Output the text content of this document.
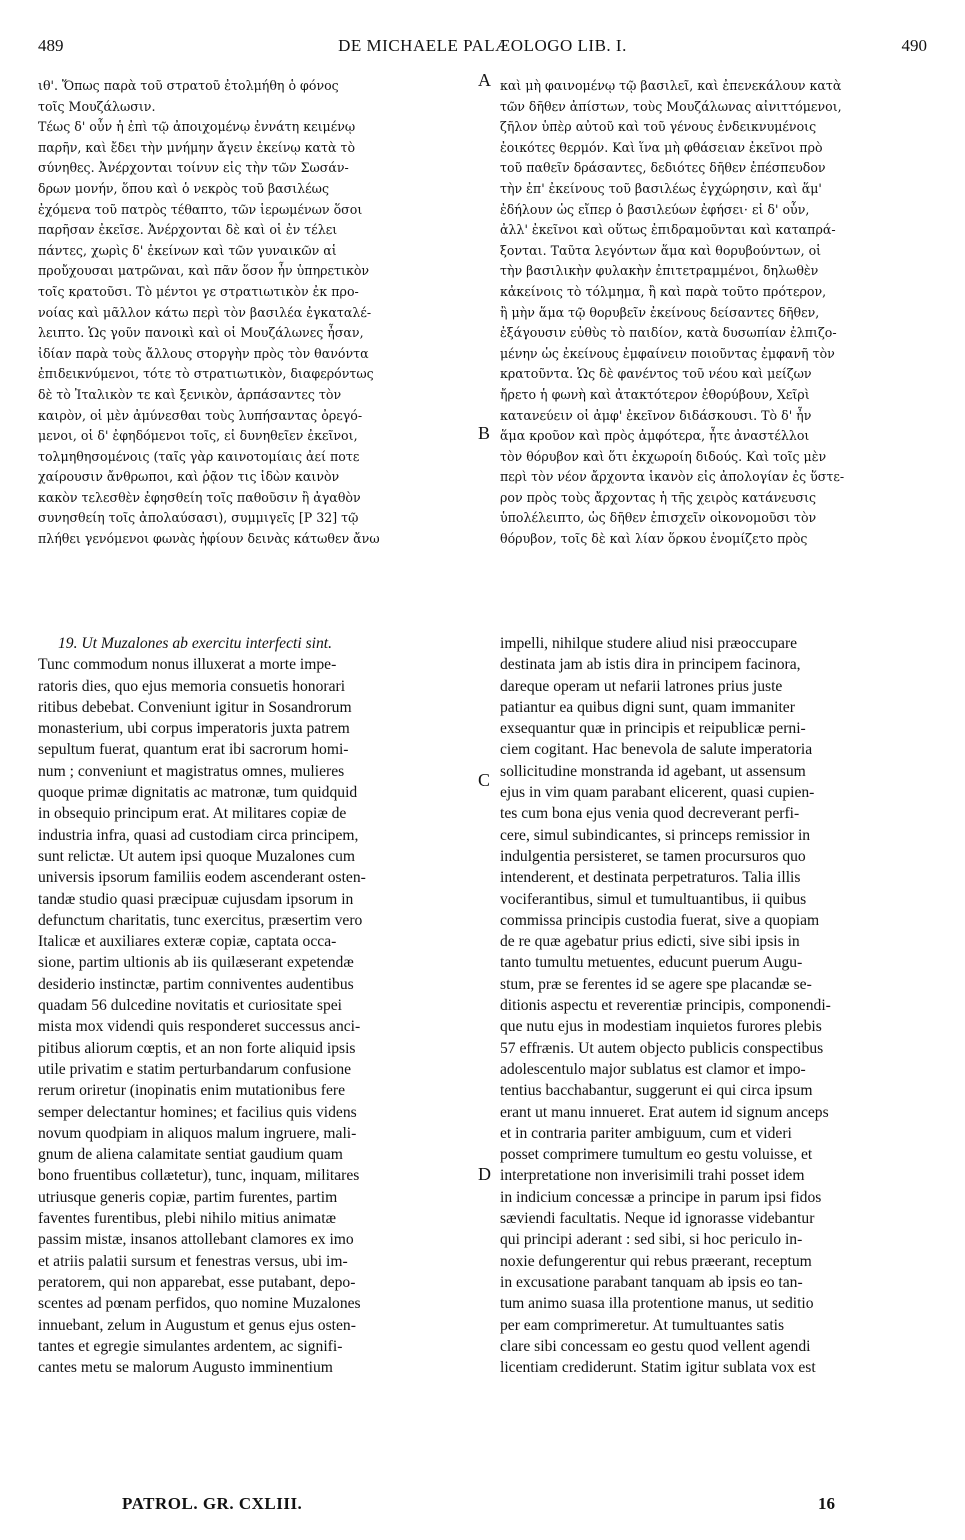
489	DE MICHAELE PALÆOLOGO LIB. I.	490
ιθ'. Ὅπως παρὰ τοῦ στρατοῦ ἐτολμήθη ὁ φόνος
τοῖς Μουζάλωσιν.
Τέως δ' οὖν ἡ ἐπὶ τῷ ἀποιχομένῳ ἐννάτη κειμένῳ
παρῆν, καὶ ἔδει τὴν μνήμην ἄγειν ἐκείνῳ κατὰ τὸ
σύνηθες. Ἀνέρχονται τοίνυν εἰς τὴν τῶν Σωσάν-
δρων μονήν, ὅπου καὶ ὁ νεκρὸς τοῦ βασιλέως
ἐχόμενα τοῦ πατρὸς τέθαπτο, τῶν ἱερωμένων ὅσοι
παρῆσαν ἐκεῖσε. Ἀνέρχονται δὲ καὶ οἱ ἐν τέλει
πάντες, χωρὶς δ' ἐκείνων καὶ τῶν γυναικῶν αἱ
προὔχουσαι ματρῶναι, καὶ πᾶν ὅσον ἦν ὑπηρετικὸν
τοῖς κρατοῦσι. Τὸ μέντοι γε στρατιωτικὸν ἐκ προ-
νοίας καὶ μᾶλλον κάτω περὶ τὸν βασιλέα ἐγκαταλέ-
λειπτο. Ὡς γοῦν πανοικὶ καὶ οἱ Μουζάλωνες ἦσαν,
ἰδίαν παρὰ τοὺς ἄλλους στοργὴν πρὸς τὸν θανόντα
ἐπιδεικνύμενοι, τότε τὸ στρατιωτικὸν, διαφερόντως
δὲ τὸ Ἰταλικὸν τε καὶ ξενικὸν, ἁρπάσαντες τὸν
καιρὸν, οἱ μὲν ἀμύνεσθαι τοὺς λυπήσαντας ὀρεγό-
μενοι, οἱ δ' ἐφηδόμενοι τοῖς, εἰ δυνηθεῖεν ἐκεῖνοι,
τολμηθησομένοις (ταῖς γὰρ καινοτομίαις ἀεί ποτε
χαίρουσιν ἄνθρωποι, καὶ ῥᾷον τις ἰδὼν καινὸν
κακὸν τελεσθὲν ἐφησθείη τοῖς παθοῦσιν ἢ ἀγαθὸν
συνησθείη τοῖς ἀπολαύσασι), συμμιγεῖς [P 32] τῷ
πλήθει γενόμενοι φωνὰς ἠφίουν δεινὰς κάτωθεν ἄνω
καὶ μὴ φαινομένῳ τῷ βασιλεῖ, καὶ ἐπενεκάλουν κατὰ
τῶν δῆθεν ἀπίστων, τοὺς Μουζάλωνας αἰνιττόμενοι,
ζῆλον ὑπὲρ αὐτοῦ καὶ τοῦ γένους ἐνδεικνυμένοις
ἐοικότες θερμόν. Καὶ ἵνα μὴ φθάσειαν ἐκεῖνοι πρὸ
τοῦ παθεῖν δράσαντες, δεδιότες δῆθεν ἐπέσπευδον
τὴν ἐπ' ἐκείνους τοῦ βασιλέως ἐγχώρησιν, καὶ ἅμ'
ἐδήλουν ὡς εἴπερ ὁ βασιλεύων ἐφήσει· εἰ δ' οὖν,
ἀλλ' ἐκεῖνοι καὶ οὕτως ἐπιδραμοῦνται καὶ καταπρά-
ξονται. Ταῦτα λεγόντων ἅμα καὶ θορυβούντων, οἱ
τὴν βασιλικὴν φυλακὴν ἐπιτετραμμένοι, δηλωθὲν
κἀκείνοις τὸ τόλμημα, ἢ καὶ παρὰ τοῦτο πρότερον,
ἢ μὴν ἅμα τῷ θορυβεῖν ἐκείνους δείσαντες δῆθεν,
ἐξάγουσιν εὐθὺς τὸ παιδίον, κατὰ δυσωπίαν ἐλπιζο-
μένην ὡς ἐκείνους ἐμφαίνειν ποιοῦντας ἐμφανῆ τὸν
κρατοῦντα. Ὡς δὲ φανέντος τοῦ νέου καὶ μείζων
ἤρετο ἡ φωνὴ καὶ ἀτακτότερον ἐθορύβουν, Χεῖρὶ
κατανεύειν οἱ ἀμφ' ἐκεῖνον διδάσκουσι. Τὸ δ' ἦν
ἅμα κροῦον καὶ πρὸς ἀμφότερα, ἦτε ἀναστέλλοι
τὸν θόρυβον καὶ ὅτι ἐκχωροίη διδούς. Καὶ τοῖς μὲν
περὶ τὸν νέον ἄρχοντα ἱκανὸν εἰς ἀπολογίαν ἐς ὕστε-
ρον πρὸς τοὺς ἄρχοντας ἡ τῆς χειρὸς κατάνευσις
ὑπολέλειπτο, ὡς δῆθεν ἐπισχεῖν οἰκονομοῦσι τὸν
θόρυβον, τοῖς δὲ καὶ λίαν ὅρκου ἐνομίζετο πρὸς
19. Ut Muzalones ab exercitu interfecti sint.
Tunc commodum nonus illuxerat a morte impe-
ratoris dies, quo ejus memoria consuetis honorari
ritibus debebat. Conveniunt igitur in Sosandrorum
monasterium, ubi corpus imperatoris juxta patrem
sepultum fuerat, quantum erat ibi sacrorum homi-
num ; conveniunt et magistratus omnes, mulieres
quoque primæ dignitatis ac matronæ, tum quidquid
in obsequio principum erat. At militares copiæ de
industria infra, quasi ad custodiam circa principem,
sunt relictæ. Ut autem ipsi quoque Muzalones cum
universis ipsorum familiis eodem ascenderant osten-
tandæ studio quasi præcipuæ cujusdam ipsorum in
defunctum charitatis, tunc exercitus, præsertim vero
Italicæ et auxiliares exteræ copiæ, captata occa-
sione, partim ultionis ab iis quilæserant expetendæ
desiderio instinctæ, partim conniventes audentibus
quadam 56 dulcedine novitatis et curiositate spei
mista mox videndi quis responderet successus anci-
pitibus aliorum cœptis, et an non forte aliquid ipsis
utile privatim e statim perturbandarum confusione
rerum oriretur (inopinatis enim mutationibus fere
semper delectantur homines; et facilius quis videns
novum quodpiam in aliquos malum ingruere, mali-
gnum de aliena calamitate sentiat gaudium quam
bono fruentibus collætetur), tunc, inquam, militares
utriusque generis copiæ, partim furentes, partim
faventes furentibus, plebi nihilo mitius animatæ
passim mistæ, insanos attollebant clamores ex imo
et atriis palatii sursum et fenestras versus, ubi im-
peratorem, qui non apparebat, esse putabant, depo-
scentes ad pœnam perfidos, quo nomine Muzalones
innuebant, zelum in Augustum et genus ejus osten-
tantes et egregie simulantes ardentem, ac signifi-
cantes metu se malorum Augusto imminentium
impelli, nihilque studere aliud nisi præoccupare
destinata jam ab istis dira in principem facinora,
dareque operam ut nefarii latrones prius juste
patiantur ea quibus digni sunt, quam immaniter
exsequantur quæ in principis et reipublicæ perni-
ciem cogitant. Hac benevola de salute imperatoria
sollicitudine monstranda id agebant, ut assensum
ejus in vim quam parabant elicerent, quasi cupien-
tes cum bona ejus venia quod decreverant perfi-
cere, simul subindicantes, si princeps remissior in
indulgentia persisteret, se tamen procursuros quo
intenderent, et destinata perpetraturos. Talia illis
vociferantibus, simul et tumultuantibus, ii quibus
commissa principis custodia fuerat, sive a quopiam
de re quæ agebatur prius edicti, sive sibi ipsis in
tanto tumultu metuentes, educunt puerum Augu-
stum, præ se ferentes id se agere spe placandæ se-
ditionis aspectu et reverentiæ principis, componendi-
que nutu ejus in modestiam inquietos furores plebis
57 effrænis. Ut autem objecto publicis conspectibus
adolescentulo major sublatus est clamor et impo-
tentius bacchabantur, suggerunt ei qui circa ipsum
erant ut manu innueret. Erat autem id signum anceps
et in contraria pariter ambiguum, cum et videri
posset comprimere tumultum eo gestu voluisse, et
interpretatione non inverisimili trahi posset idem
in indicium concessæ a principe in parum ipsi fidos
sæviendi facultatis. Neque id ignorasse videbantur
qui principi aderant : sed sibi, si hoc periculo in-
noxie defungerentur qui rebus præerant, receptum
in excusatione parabant tanquam ab ipsis eo tan-
tum animo suasa illa protentione manus, ut seditio
per eam comprimeretur. At tumultuantes satis
clare sibi concessam eo gestu quod vellent agendi
licentiam crediderunt. Statim igitur sublata vox est
A
B
C
D
PATROL. GR. CXLIII.	16
